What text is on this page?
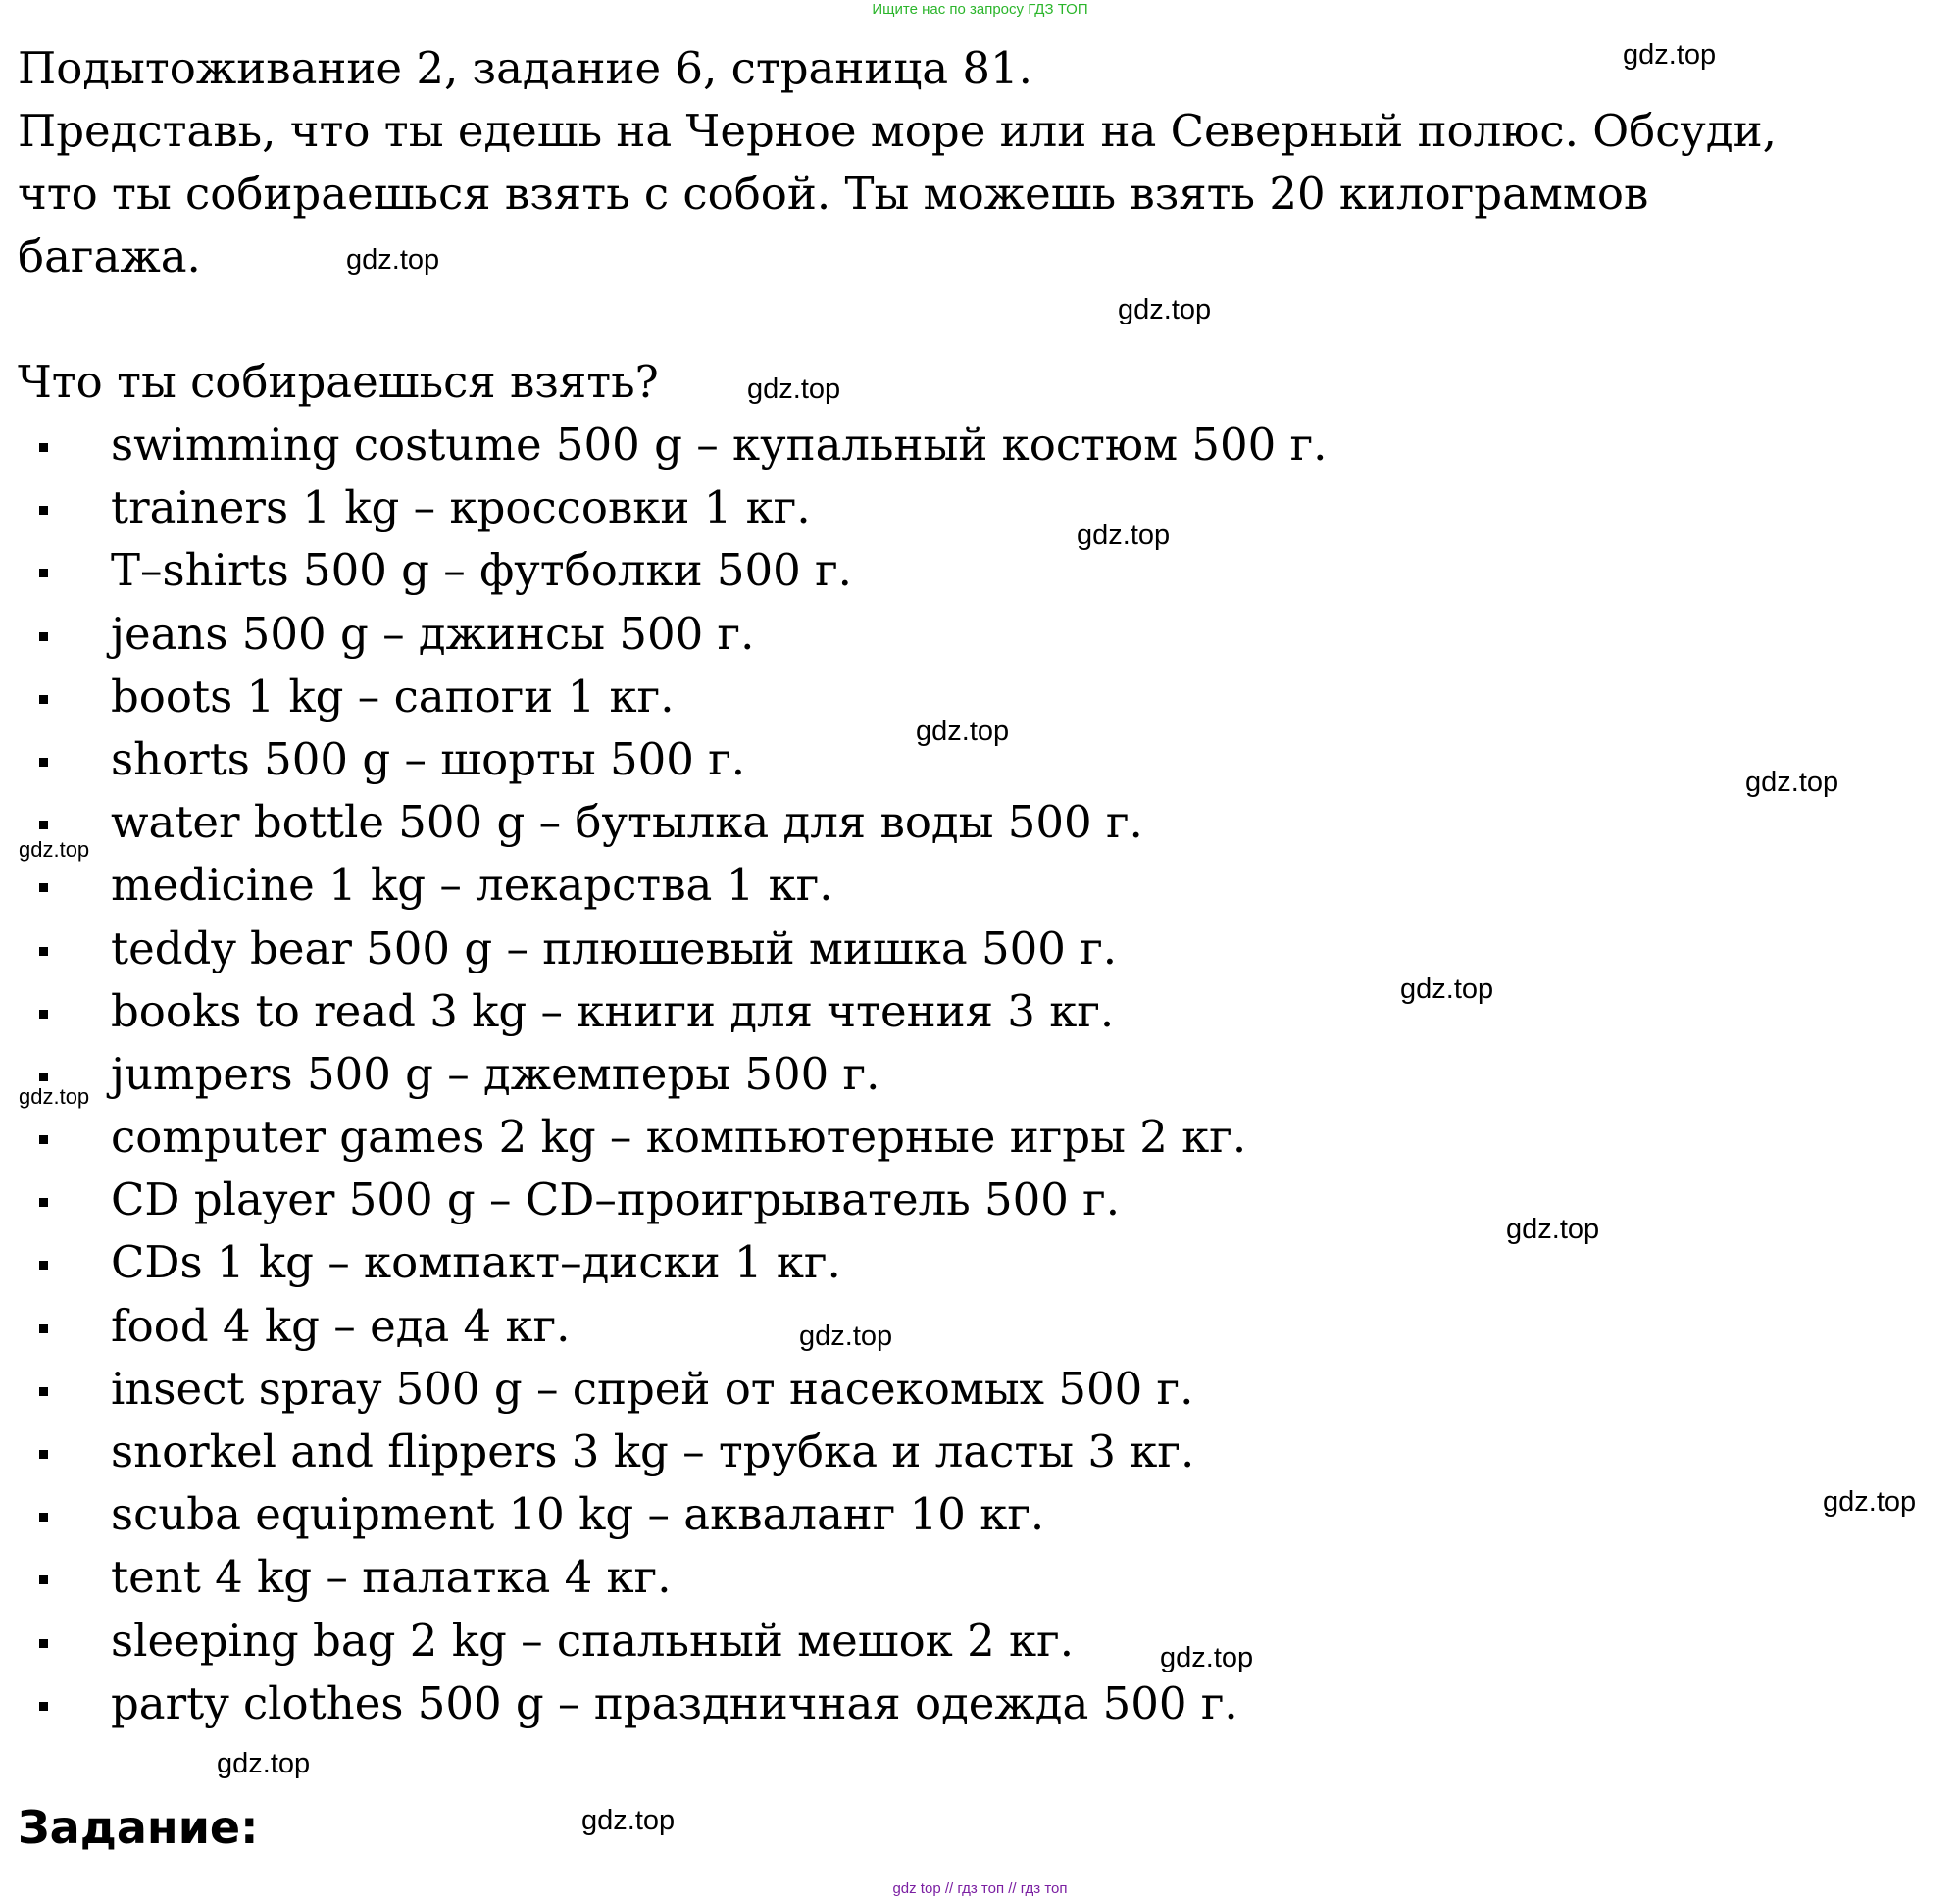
Ищите нас по запросу ГДЗ ТОП

Подытоживание 2, задание 6, страница 81.

Представь, что ты едешь на Черное море или на Северный полюс. Обсуди,

что ты собираешься взять с собой. Ты можешь взять 20 килограммов

багажа.

Что ты собираешься взять?

swimming costume 500 g – купальный костюм 500 г.
trainers 1 kg – кроссовки 1 кг.
T–shirts 500 g – футболки 500 г.
jeans 500 g – джинсы 500 г.
boots 1 kg – сапоги 1 кг.
shorts 500 g – шорты 500 г.
water bottle 500 g – бутылка для воды 500 г.
medicine 1 kg – лекарства 1 кг.
teddy bear 500 g – плюшевый мишка 500 г.
books to read 3 kg – книги для чтения 3 кг.
jumpers 500 g – джемперы 500 г.
computer games 2 kg – компьютерные игры 2 кг.
CD player 500 g – CD–проигрыватель 500 г.
CDs 1 kg – компакт–диски 1 кг.
food 4 kg – еда 4 кг.
insect spray 500 g – спрей от насекомых 500 г.
snorkel and flippers 3 kg – трубка и ласты 3 кг.
scuba equipment 10 kg – акваланг 10 кг.
tent 4 kg – палатка 4 кг.
sleeping bag 2 kg – спальный мешок 2 кг.
party clothes 500 g – праздничная одежда 500 г.
Задание:
gdz.top
gdz.top
gdz.top
gdz.top
gdz.top
gdz.top
gdz.top
gdz.top
gdz.top
gdz.top
gdz.top
gdz.top
gdz.top
gdz.top
gdz.top
gdz.top
gdz top // гдз топ // гдз топ
